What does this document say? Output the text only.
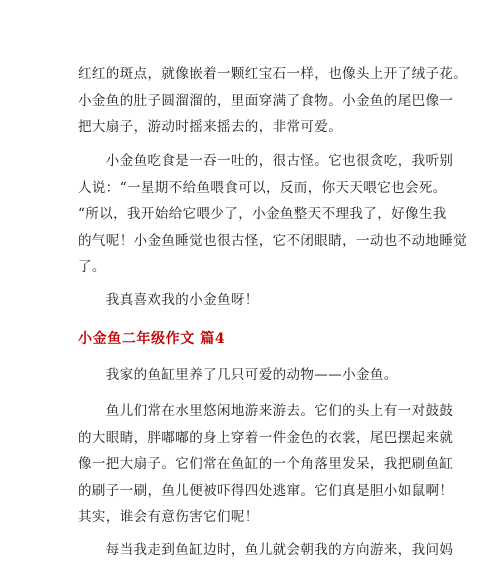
红红的斑点，就像嵌着一颗红宝石一样，也像头上开了绒子花。
小金鱼的肚子圆溜溜的，里面穿满了食物。小金鱼的尾巴像一
把大扇子，游动时摇来摇去的，非常可爱。

　　小金鱼吃食是一吞一吐的，很古怪。它也很贪吃，我听别
人说：“一星期不给鱼喂食可以，反而，你天天喂它也会死。
“所以，我开始给它喂少了，小金鱼整天不理我了，好像生我
的气呢！小金鱼睡觉也很古怪，它不闭眼睛，一动也不动地睡觉
了。

　　我真喜欢我的小金鱼呀！

小金鱼二年级作文 篇4

　　我家的鱼缸里养了几只可爱的动物——小金鱼。

　　鱼儿们常在水里悠闲地游来游去。它们的头上有一对鼓鼓
的大眼睛，胖嘟嘟的身上穿着一件金色的衣裳，尾巴摆起来就
像一把大扇子。它们常在鱼缸的一个角落里发呆，我把刷鱼缸
的刷子一刷，鱼儿便被吓得四处逃窜。它们真是胆小如鼠啊！
其实，谁会有意伤害它们呢！

　　每当我走到鱼缸边时，鱼儿就会朝我的方向游来，我问妈
